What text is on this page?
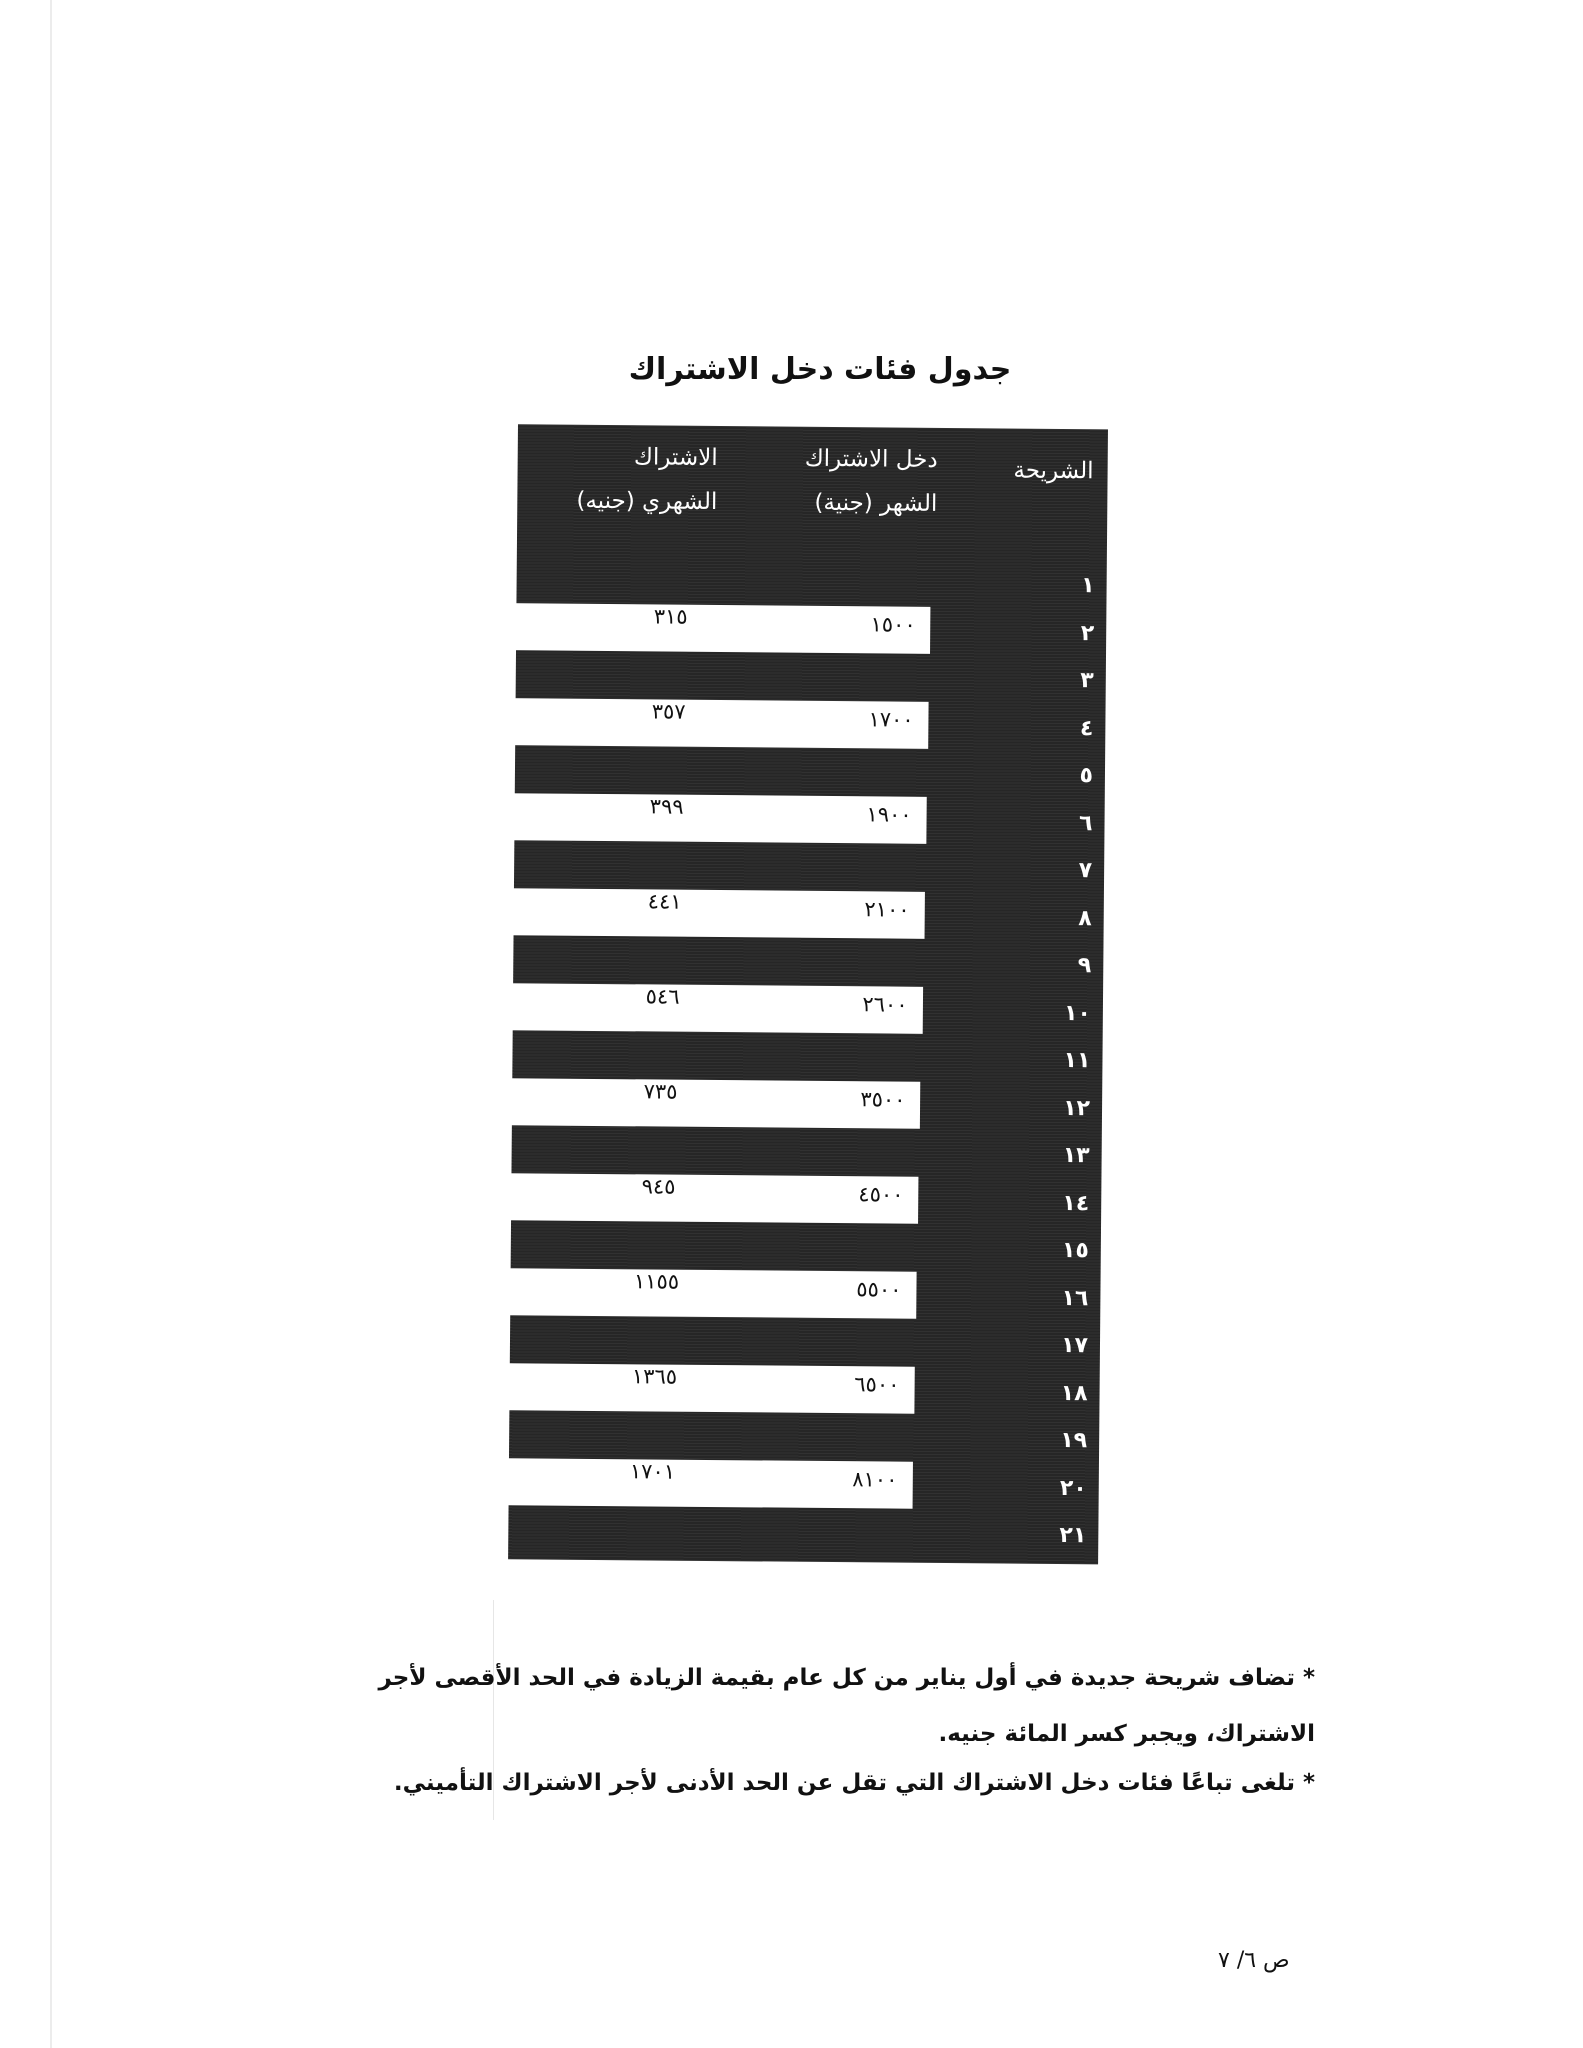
جدول فئات دخل الاشتراك
الشريحة
دخل الاشتراك
الشهر (جنية)
الاشتراك
الشهري (جنيه)
١
١٥٠٠
٣١٥
٢
٣
١٧٠٠
٣٥٧
٤
٥
١٩٠٠
٣٩٩
٦
٧
٢١٠٠
٤٤١
٨
٩
٢٦٠٠
٥٤٦
١٠
١١
٣٥٠٠
٧٣٥
١٢
١٣
٤٥٠٠
٩٤٥
١٤
١٥
٥٥٠٠
١١٥٥
١٦
١٧
٦٥٠٠
١٣٦٥
١٨
١٩
٨١٠٠
١٧٠١
٢٠
٢١
* تضاف شريحة جديدة في أول يناير من كل عام بقيمة الزيادة في الحد الأقصى لأجر الاشتراك، ويجبر كسر المائة جنيه.
* تلغى تباعًا فئات دخل الاشتراك التي تقل عن الحد الأدنى لأجر الاشتراك التأميني.
ص ٦/ ٧
